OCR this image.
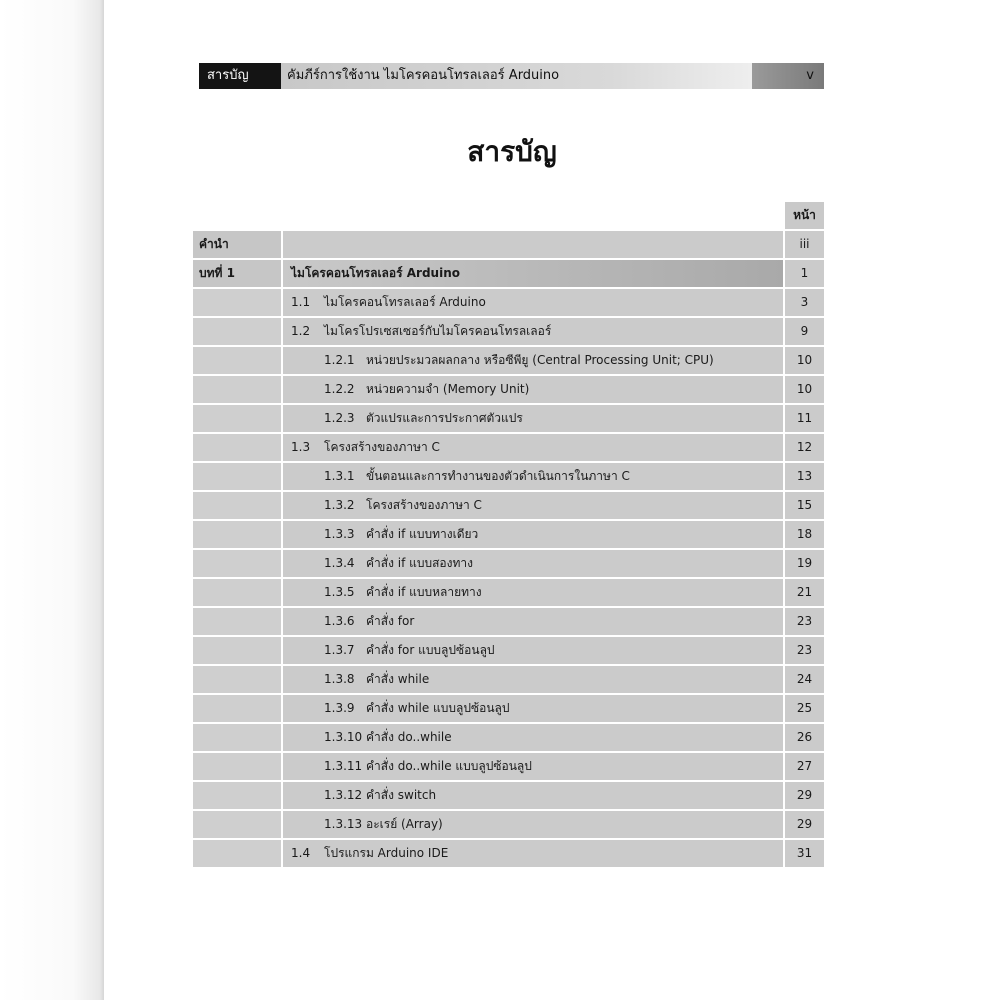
สารบัญ	คัมภีร์การใช้งาน ไมโครคอนโทรลเลอร์ Arduino	v
สารบัญ
หน้า
คำนำ	iii
บทที่ 1	ไมโครคอนโทรลเลอร์ Arduino	1
1.1 ไมโครคอนโทรลเลอร์ Arduino	3
1.2 ไมโครโปรเซสเซอร์กับไมโครคอนโทรลเลอร์	9
1.2.1 หน่วยประมวลผลกลาง หรือซีพียู (Central Processing Unit; CPU)	10
1.2.2 หน่วยความจำ (Memory Unit)	10
1.2.3 ตัวแปรและการประกาศตัวแปร	11
1.3 โครงสร้างของภาษา C	12
1.3.1 ขั้นตอนและการทำงานของตัวดำเนินการในภาษา C	13
1.3.2 โครงสร้างของภาษา C	15
1.3.3 คำสั่ง if แบบทางเดียว	18
1.3.4 คำสั่ง if แบบสองทาง	19
1.3.5 คำสั่ง if แบบหลายทาง	21
1.3.6 คำสั่ง for	23
1.3.7 คำสั่ง for แบบลูปซ้อนลูป	23
1.3.8 คำสั่ง while	24
1.3.9 คำสั่ง while แบบลูปซ้อนลูป	25
1.3.10 คำสั่ง do..while	26
1.3.11 คำสั่ง do..while แบบลูปซ้อนลูป	27
1.3.12 คำสั่ง switch	29
1.3.13 อะเรย์ (Array)	29
1.4 โปรแกรม Arduino IDE	31
